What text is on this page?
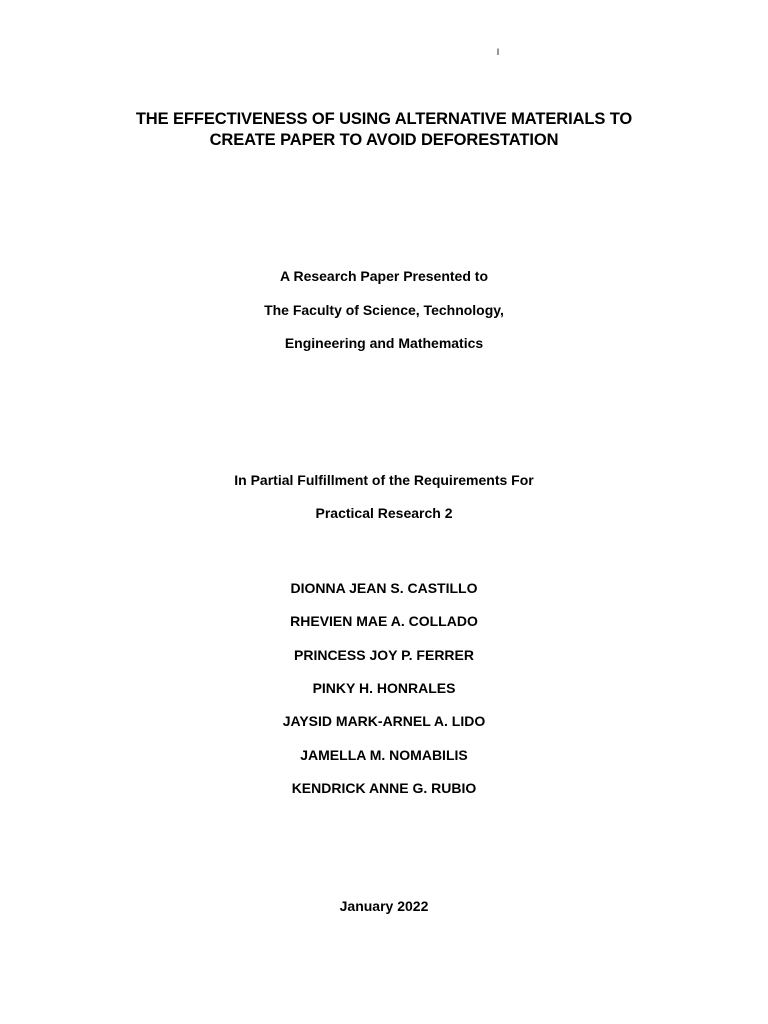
I
THE EFFECTIVENESS OF USING ALTERNATIVE MATERIALS TO
CREATE PAPER TO AVOID DEFORESTATION
A Research Paper Presented to
The Faculty of Science, Technology,
Engineering and Mathematics
In Partial Fulfillment of the Requirements For
Practical Research 2
DIONNA JEAN S. CASTILLO
RHEVIEN MAE A. COLLADO
PRINCESS JOY P. FERRER
PINKY H. HONRALES
JAYSID MARK-ARNEL A. LIDO
JAMELLA M. NOMABILIS
KENDRICK ANNE G. RUBIO
January 2022
